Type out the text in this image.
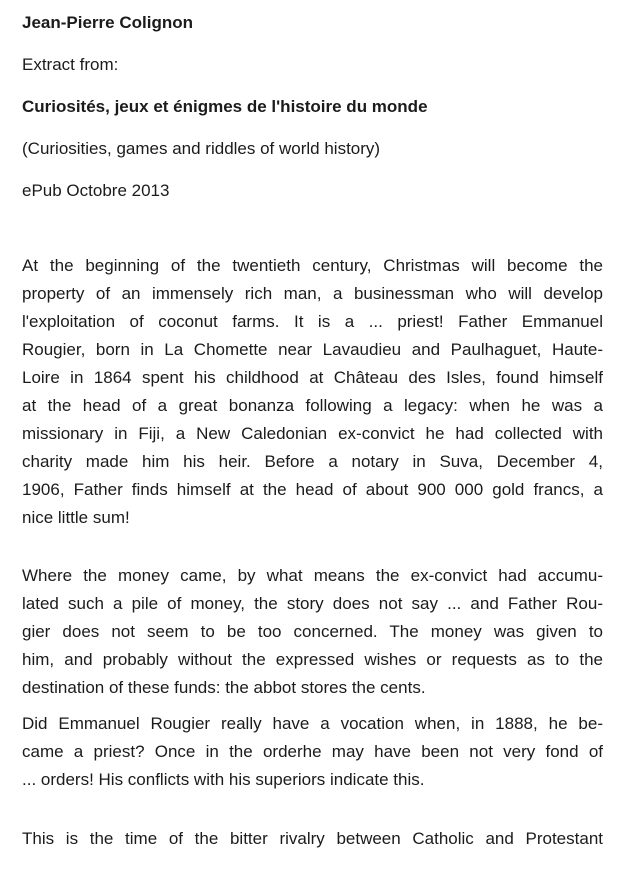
Jean-Pierre Colignon
Extract from:
Curiosités, jeux et énigmes de l'histoire du monde
(Curiosities, games and riddles of world history)
ePub Octobre 2013
At the beginning of the twentieth century, Christmas will become the
property of an immensely rich man, a businessman who will develop
l'exploitation of coconut farms. It is a ... priest! Father Emmanuel
Rougier, born in La Chomette near Lavaudieu and Paulhaguet, Haute-
Loire in 1864 spent his childhood at Château des Isles, found himself
at the head of a great bonanza following a legacy: when he was a
missionary in Fiji, a New Caledonian ex-convict he had collected with
charity made him his heir. Before a notary in Suva, December 4,
1906, Father finds himself at the head of about 900 000 gold francs, a
nice little sum!
Where the money came, by what means the ex-convict had accumu-
lated such a pile of money, the story does not say ... and Father Rou-
gier does not seem to be too concerned. The money was given to
him, and probably without the expressed wishes or requests as to the
destination of these funds: the abbot stores the cents.
Did Emmanuel Rougier really have a vocation when, in 1888, he be-
came a priest? Once in the orderhe may have been not very fond of
... orders! His conflicts with his superiors indicate this.
This is the time of the bitter rivalry between Catholic and Protestant
